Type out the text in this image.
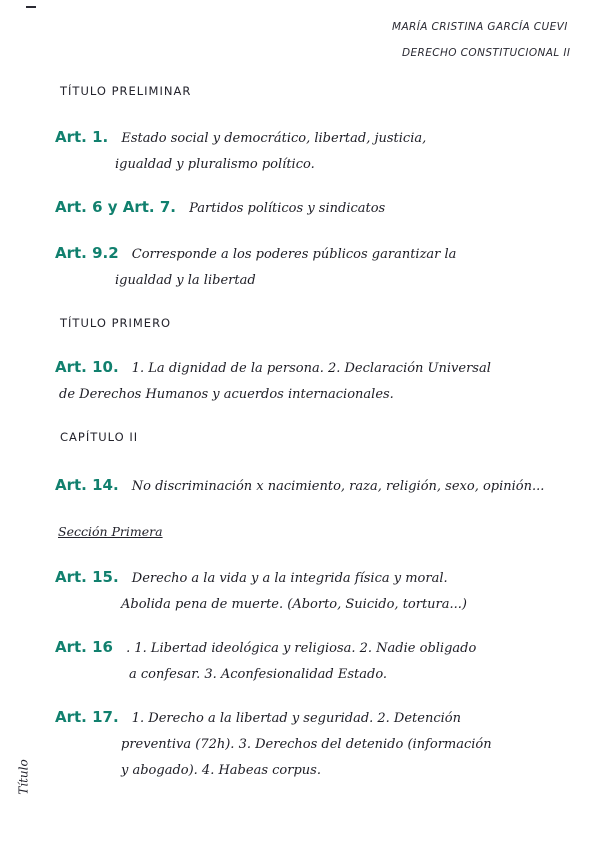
MARÍA CRISTINA GARCÍA CUEVI
DERECHO CONSTITUCIONAL II
TÍTULO PRELIMINAR
Art. 1. Estado social y democrático, libertad, justicia,
igualdad y pluralismo político.
Art. 6 y Art. 7. Partidos políticos y sindicatos
Art. 9.2 Corresponde a los poderes públicos garantizar la
igualdad y la libertad
TÍTULO PRIMERO
Art. 10. 1. La dignidad de la persona. 2. Declaración Universal
de Derechos Humanos y acuerdos internacionales.
CAPÍTULO II
Art. 14. No discriminación x nacimiento, raza, religión, sexo, opinión...
Sección Primera
Art. 15. Derecho a la vida y a la integrida física y moral.
Abolida pena de muerte. (Aborto, Suicido, tortura...)
Art. 16 . 1. Libertad ideológica y religiosa. 2. Nadie obligado
a confesar. 3. Aconfesionalidad Estado.
Art. 17. 1. Derecho a la libertad y seguridad. 2. Detención
preventiva (72h). 3. Derechos del detenido (información
y abogado). 4. Habeas corpus.
Título
